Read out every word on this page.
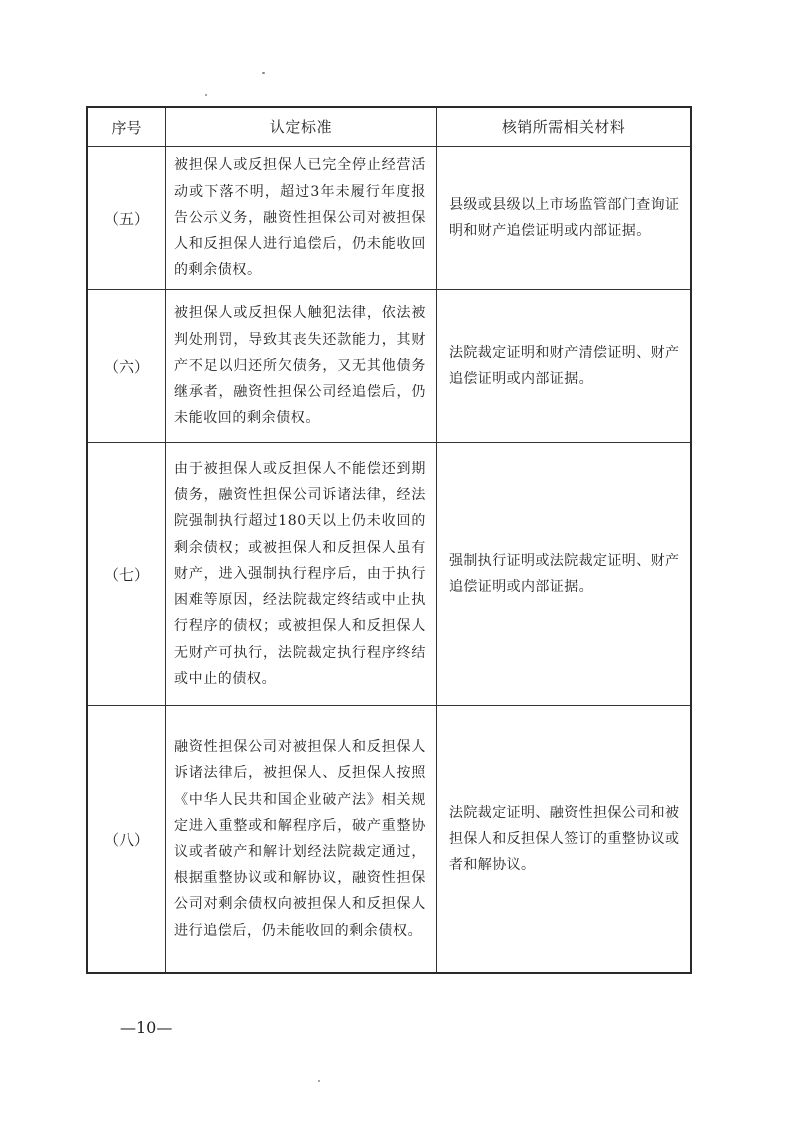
序号	认定标准	核销所需相关材料
（五）
被担保人或反担保人已完全停止经营活动或下落不明，超过3年未履行年度报告公示义务，融资性担保公司对被担保人和反担保人进行追偿后，仍未能收回的剩余债权。
县级或县级以上市场监管部门查询证明和财产追偿证明或内部证据。
（六）
被担保人或反担保人触犯法律，依法被判处刑罚，导致其丧失还款能力，其财产不足以归还所欠债务，又无其他债务继承者，融资性担保公司经追偿后，仍未能收回的剩余债权。
法院裁定证明和财产清偿证明、财产追偿证明或内部证据。
（七）
由于被担保人或反担保人不能偿还到期债务，融资性担保公司诉诸法律，经法院强制执行超过180天以上仍未收回的剩余债权；或被担保人和反担保人虽有财产，进入强制执行程序后，由于执行困难等原因，经法院裁定终结或中止执行程序的债权；或被担保人和反担保人无财产可执行，法院裁定执行程序终结或中止的债权。
强制执行证明或法院裁定证明、财产追偿证明或内部证据。
（八）
融资性担保公司对被担保人和反担保人诉诸法律后，被担保人、反担保人按照《中华人民共和国企业破产法》相关规定进入重整或和解程序后，破产重整协议或者破产和解计划经法院裁定通过，根据重整协议或和解协议，融资性担保公司对剩余债权向被担保人和反担保人进行追偿后，仍未能收回的剩余债权。
法院裁定证明、融资性担保公司和被担保人和反担保人签订的重整协议或者和解协议。
—10—
